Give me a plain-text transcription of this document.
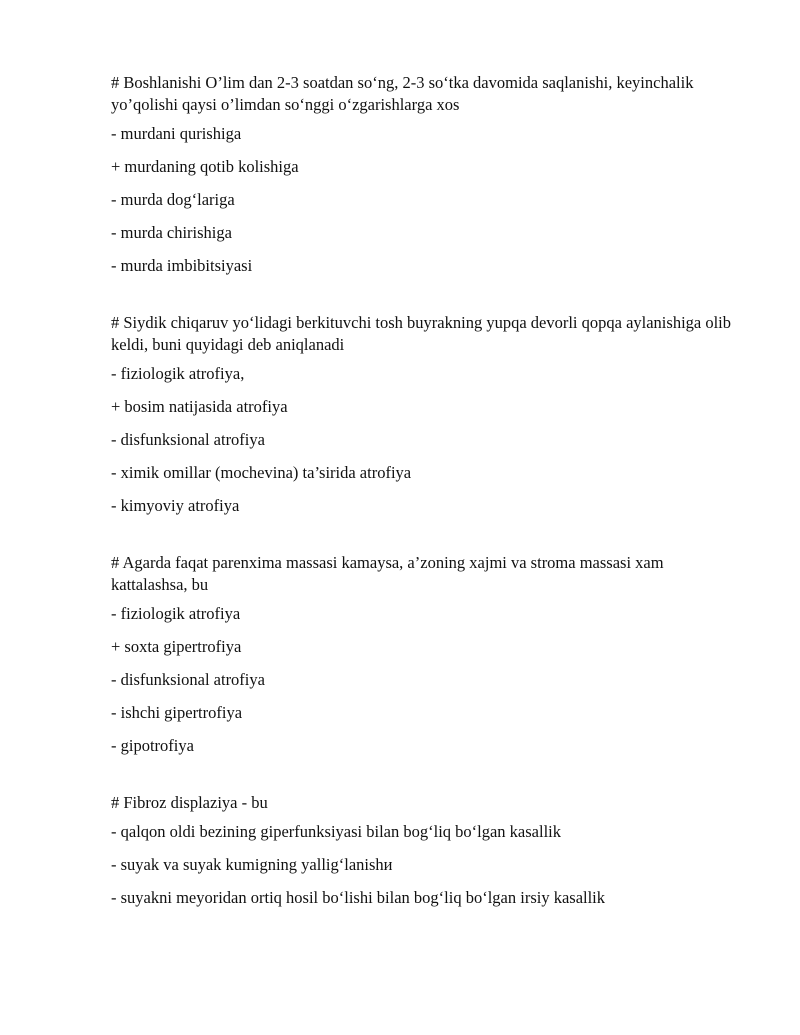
# Boshlanishi O’lim dan 2-3 soatdan so‘ng, 2-3 so‘tka davomida saqlanishi, keyinchalik yo’qolishi qaysi o’limdan so‘nggi o‘zgarishlarga xos

- murdani qurishiga

+ murdaning qotib kolishiga

- murda dog‘lariga

- murda chirishiga

- murda imbibitsiyasi

# Siydik chiqaruv yo‘lidagi berkituvchi tosh buyrakning yupqa devorli qopqa aylanishiga olib keldi, buni quyidagi deb aniqlanadi

- fiziologik atrofiya,

+ bosim natijasida atrofiya

- disfunksional atrofiya

- ximik omillar (mochevina) ta’sirida atrofiya

- kimyoviy atrofiya

# Agarda faqat parenxima massasi kamaysa, a’zoning xajmi va stroma massasi xam kattalashsa, bu

- fiziologik atrofiya

+ soxta gipertrofiya

- disfunksional atrofiya

- ishchi gipertrofiya

- gipotrofiya

# Fibroz displaziya - bu

- qalqon oldi bezining giperfunksiyasi bilan bog‘liq bo‘lgan kasallik

- suyak va suyak kumigning yallig‘lanishи

- suyakni meyoridan ortiq hosil bo‘lishi bilan bog‘liq bo‘lgan irsiy kasallik
